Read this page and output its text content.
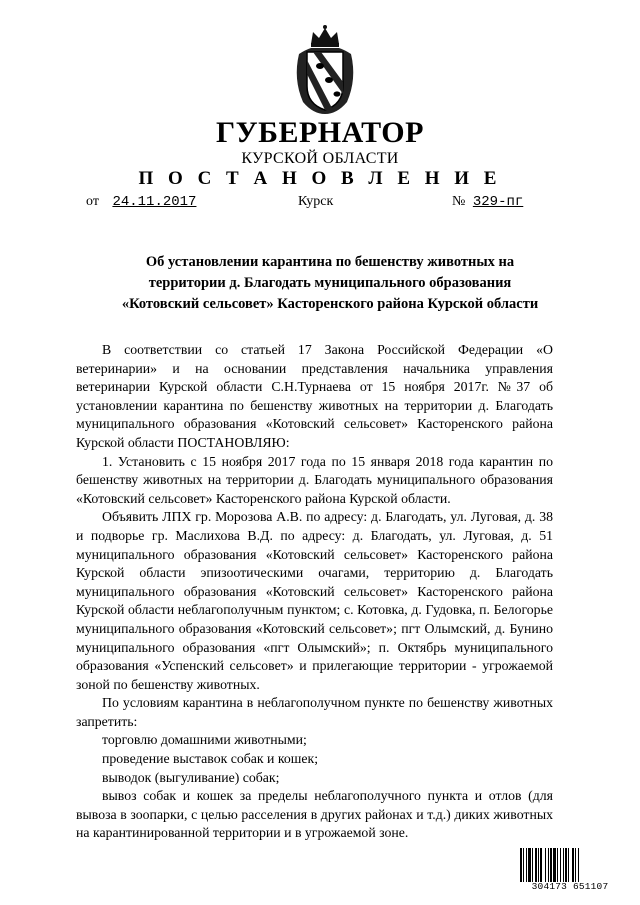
ГУБЕРНАТОР
КУРСКОЙ ОБЛАСТИ
П О С Т А Н О В Л Е Н И Е
от 24.11.2017	Курск	№ 329-пг
Об установлении карантина по бешенству животных на
территории д. Благодать муниципального образования
«Котовский сельсовет» Касторенского района Курской области

В соответствии со статьей 17 Закона Российской Федерации «О ветеринарии» и на основании представления начальника управления ветеринарии Курской области С.Н.Турнаева от 15 ноября 2017г. №37 об установлении карантина по бешенству животных на территории д. Благодать муниципального образования «Котовский сельсовет» Касторенского района Курской области ПОСТАНОВЛЯЮ:

1. Установить с 15 ноября 2017 года по 15 января 2018 года карантин по бешенству животных на территории д. Благодать муниципального образования «Котовский сельсовет» Касторенского района Курской области.

Объявить ЛПХ гр. Морозова А.В. по адресу: д. Благодать, ул. Луговая, д. 38 и подворье гр. Маслихова В.Д. по адресу: д. Благодать, ул. Луговая, д. 51 муниципального образования «Котовский сельсовет» Касторенского района Курской области эпизоотическими очагами, территорию д. Благодать муниципального образования «Котовский сельсовет» Касторенского района Курской области неблагополучным пунктом; с. Котовка, д. Гудовка, п. Белогорье муниципального образования «Котовский сельсовет»; пгт Олымский, д. Бунино муниципального образования «пгт Олымский»; п. Октябрь муниципального образования «Успенский сельсовет» и прилегающие территории - угрожаемой зоной по бешенству животных.

По условиям карантина в неблагополучном пункте по бешенству животных запретить:

торговлю домашними животными;

проведение выставок собак и кошек;

выводок (выгуливание) собак;

вывоз собак и кошек за пределы неблагополучного пункта и отлов (для вывоза в зоопарки, с целью расселения в других районах и т.д.) диких животных на карантинированной территории и в угрожаемой зоне.

304173 651107
